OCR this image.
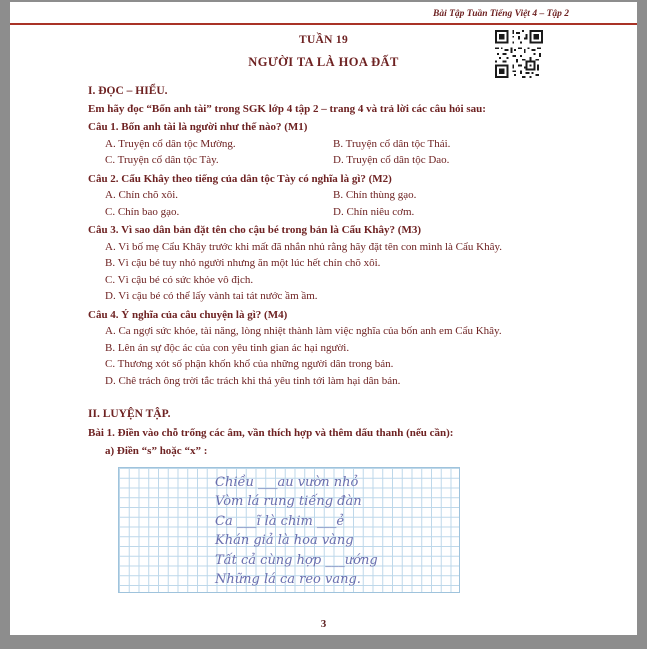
Bài Tập Tuần Tiếng Việt 4 – Tập 2
TUẦN 19
NGƯỜI TA LÀ HOA ĐẤT
I. ĐỌC – HIỂU.
Em hãy đọc “Bốn anh tài” trong SGK lớp 4 tập 2 – trang 4 và trả lời các câu hỏi sau:
Câu 1. Bốn anh tài là người như thế nào? (M1)
A. Truyện cổ dân tộc Mường.	B. Truyện cổ dân tộc Thái.
C. Truyện cổ dân tộc Tày.	D. Truyện cổ dân tộc Dao.
Câu 2. Cẩu Khây theo tiếng của dân tộc Tày có nghĩa là gì? (M2)
A. Chín chõ xôi.	B. Chín thùng gạo.
C. Chín bao gạo.	D. Chín niêu cơm.
Câu 3. Vì sao dân bản đặt tên cho cậu bé trong bản là Cẩu Khây? (M3)
A. Vì bố mẹ Cẩu Khây trước khi mất đã nhắn nhủ rằng hãy đặt tên con mình là Cẩu Khây.
B. Vì cậu bé tuy nhỏ người nhưng ăn một lúc hết chín chõ xôi.
C. Vì cậu bé có sức khỏe vô địch.
D. Vì cậu bé có thể lấy vành tai tát nước ầm ầm.
Câu 4. Ý nghĩa của câu chuyện là gì? (M4)
A. Ca ngợi sức khỏe, tài năng, lòng nhiệt thành làm việc nghĩa của bốn anh em Cẩu Khây.
B. Lên án sự độc ác của con yêu tinh gian ác hại người.
C. Thương xót số phận khốn khổ của những người dân trong bản.
D. Chê trách ông trời tắc trách khi thả yêu tinh tới làm hại dân bản.
II. LUYỆN TẬP.
Bài 1. Điền vào chỗ trống các âm, vần thích hợp và thêm dấu thanh (nếu cần):
a) Điền “s” hoặc “x” :
Chiều ___au vườn nhỏ
Vòm lá rung tiếng đàn
Ca ___ĩ là chim ___ẻ
Khán giả là hoa vàng
Tất cả cùng hợp ___ướng
Những lá ca reo vang.
3
